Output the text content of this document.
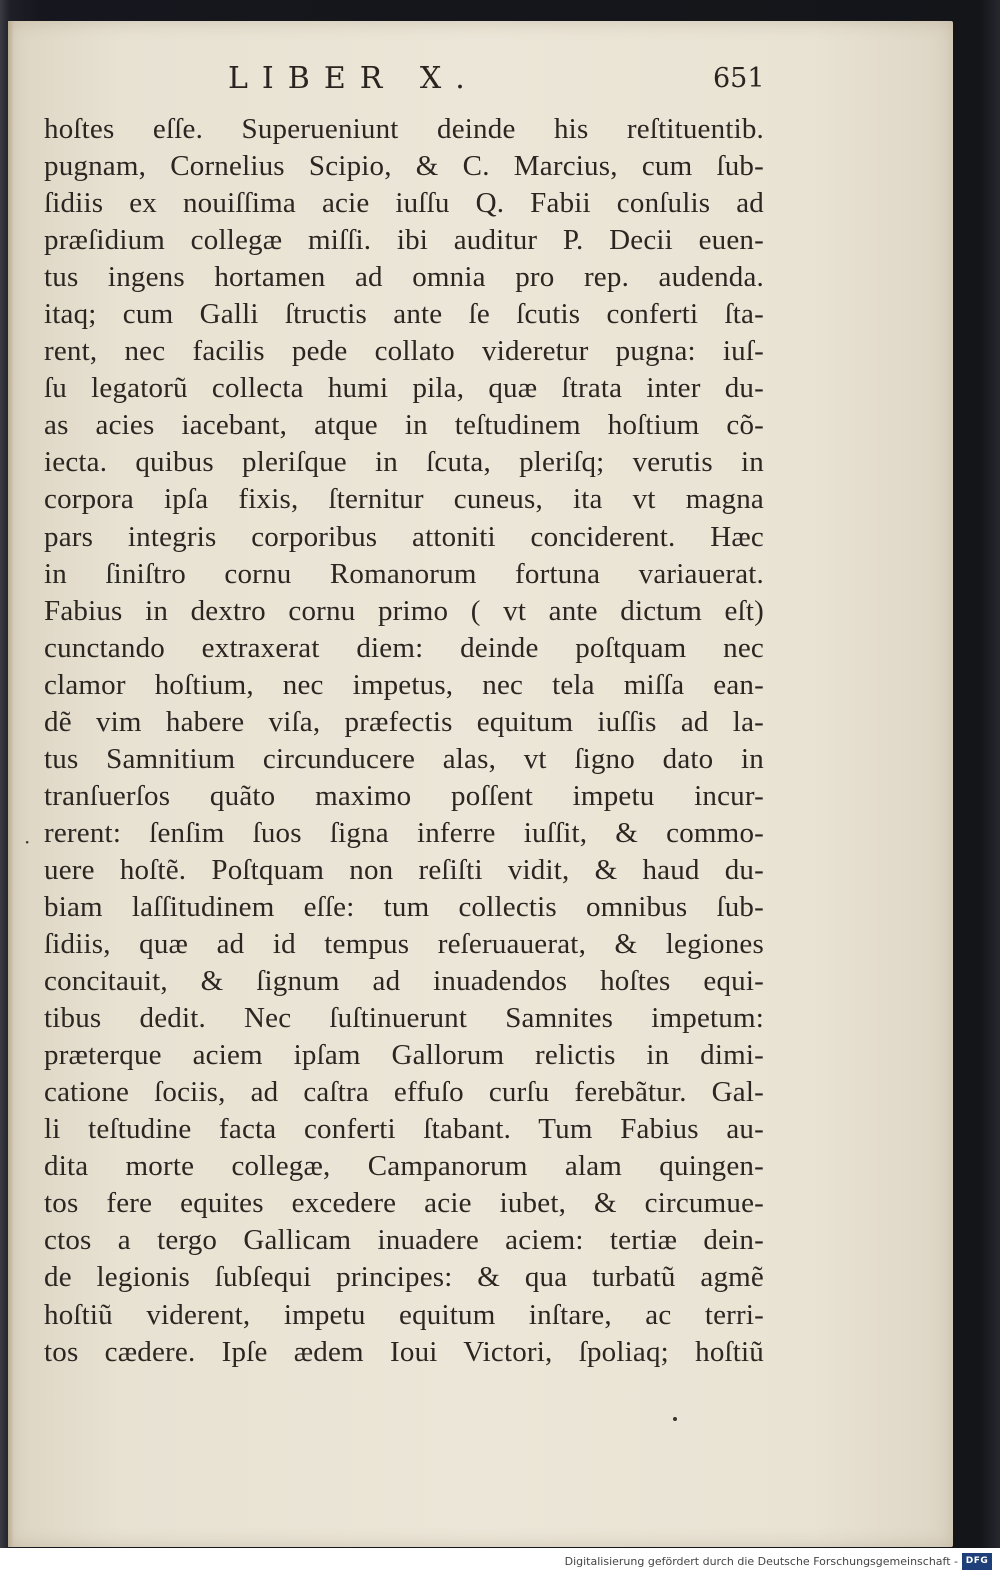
LIBER X.	651
hoſtes eſſe. Superueniunt deinde his reſtituentib.
pugnam, Cornelius Scipio, & C. Marcius, cum ſub-
ſidiis ex nouiſſima acie iuſſu Q. Fabii conſulis ad
præſidium collegæ miſſi. ibi auditur P. Decii euen-
tus ingens hortamen ad omnia pro rep. audenda.
itaq; cum Galli ſtructis ante ſe ſcutis conferti ſta-
rent, nec facilis pede collato videretur pugna: iuſ-
ſu legatorũ collecta humi pila, quæ ſtrata inter du-
as acies iacebant, atque in teſtudinem hoſtium cõ-
iecta. quibus pleriſque in ſcuta, pleriſq; verutis in
corpora ipſa fixis, ſternitur cuneus, ita vt magna
pars integris corporibus attoniti conciderent. Hæc
in ſiniſtro cornu Romanorum fortuna variauerat.
Fabius in dextro cornu primo ( vt ante dictum eſt)
cunctando extraxerat diem: deinde poſtquam nec
clamor hoſtium, nec impetus, nec tela miſſa ean-
dẽ vim habere viſa, præfectis equitum iuſſis ad la-
tus Samnitium circunducere alas, vt ſigno dato in
tranſuerſos quãto maximo poſſent impetu incur-
rerent: ſenſim ſuos ſigna inferre iuſſit, & commo-
uere hoſtẽ. Poſtquam non reſiſti vidit, & haud du-
biam laſſitudinem eſſe: tum collectis omnibus ſub-
ſidiis, quæ ad id tempus reſeruauerat, & legiones
concitauit, & ſignum ad inuadendos hoſtes equi-
tibus dedit. Nec ſuſtinuerunt Samnites impetum:
præterque aciem ipſam Gallorum relictis in dimi-
catione ſociis, ad caſtra effuſo curſu ferebãtur. Gal-
li teſtudine facta conferti ſtabant. Tum Fabius au-
dita morte collegæ, Campanorum alam quingen-
tos fere equites excedere acie iubet, & circumue-
ctos a tergo Gallicam inuadere aciem: tertiæ dein-
de legionis ſubſequi principes: & qua turbatũ agmẽ
hoſtiũ viderent, impetu equitum inſtare, ac terri-
tos cædere. Ipſe ædem Ioui Victori, ſpoliaq; hoſtiũ
·
Digitalisierung gefördert durch die Deutsche Forschungsgemeinschaft - DFG
